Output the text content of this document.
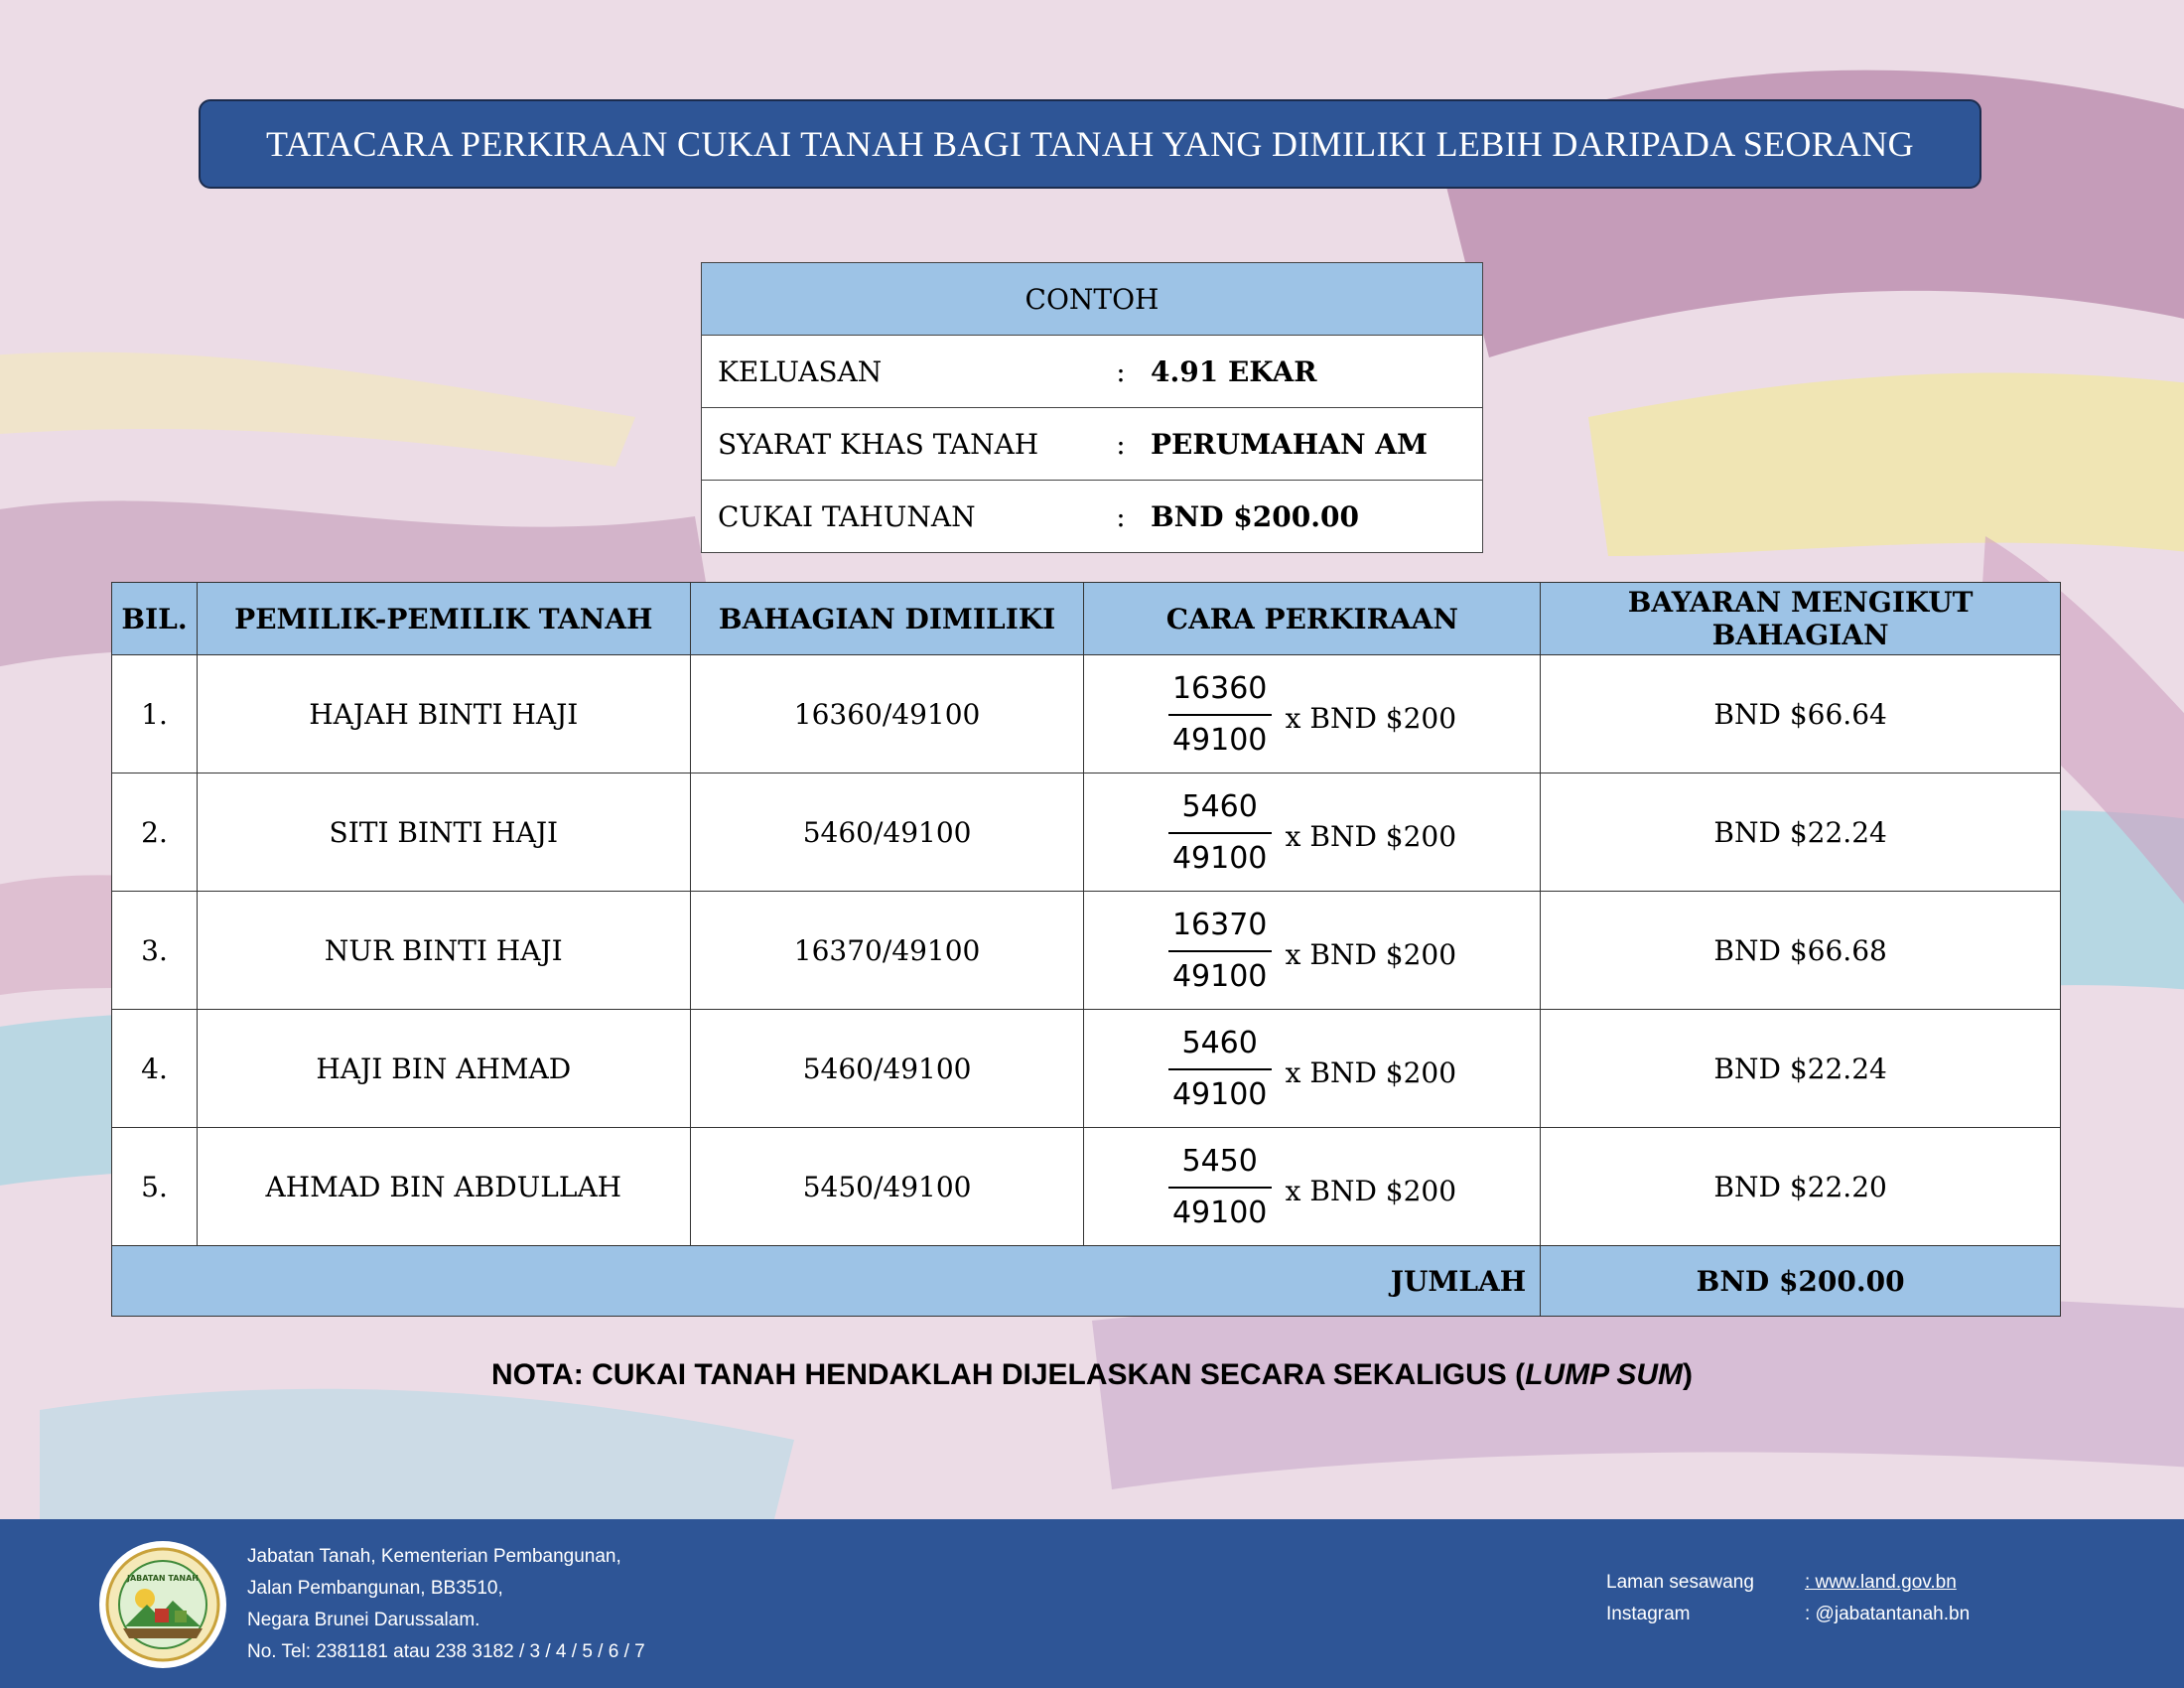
TATACARA PERKIRAAN CUKAI TANAH BAGI TANAH YANG DIMILIKI LEBIH DARIPADA SEORANG
CONTOH		
KELUASAN	:	4.91 EKAR
SYARAT KHAS TANAH	:	PERUMAHAN AM
CUKAI TAHUNAN	:	BND $200.00
BIL.	PEMILIK-PEMILIK TANAH	BAHAGIAN DIMILIKI	CARA PERKIRAAN	BAYARAN MENGIKUT BAHAGIAN
1.	HAJAH BINTI HAJI	16360/49100	$\frac{16360}{49100}$ x BND $200	BND $66.64
2.	SITI BINTI HAJI	5460/49100	$\frac{5460}{49100}$ x BND $200	BND $22.24
3.	NUR BINTI HAJI	16370/49100	$\frac{16370}{49100}$ x BND $200	BND $66.68
4.	HAJI BIN AHMAD	5460/49100	$\frac{5460}{49100}$ x BND $200	BND $22.24
5.	AHMAD BIN ABDULLAH	5450/49100	$\frac{5450}{49100}$ x BND $200	BND $22.20
JUMLAH				BND $200.00
NOTA: CUKAI TANAH HENDAKLAH DIJELASKAN SECARA SEKALIGUS (LUMP SUM)
JABATAN TANAH
Jabatan Tanah, Kementerian Pembangunan,
Jalan Pembangunan, BB3510,
Negara Brunei Darussalam.
No. Tel: 2381181 atau 238 3182 / 3 / 4 / 5 / 6 / 7
Laman sesawang	: www.land.gov.bn
Instagram	: @jabatantanah.bn
